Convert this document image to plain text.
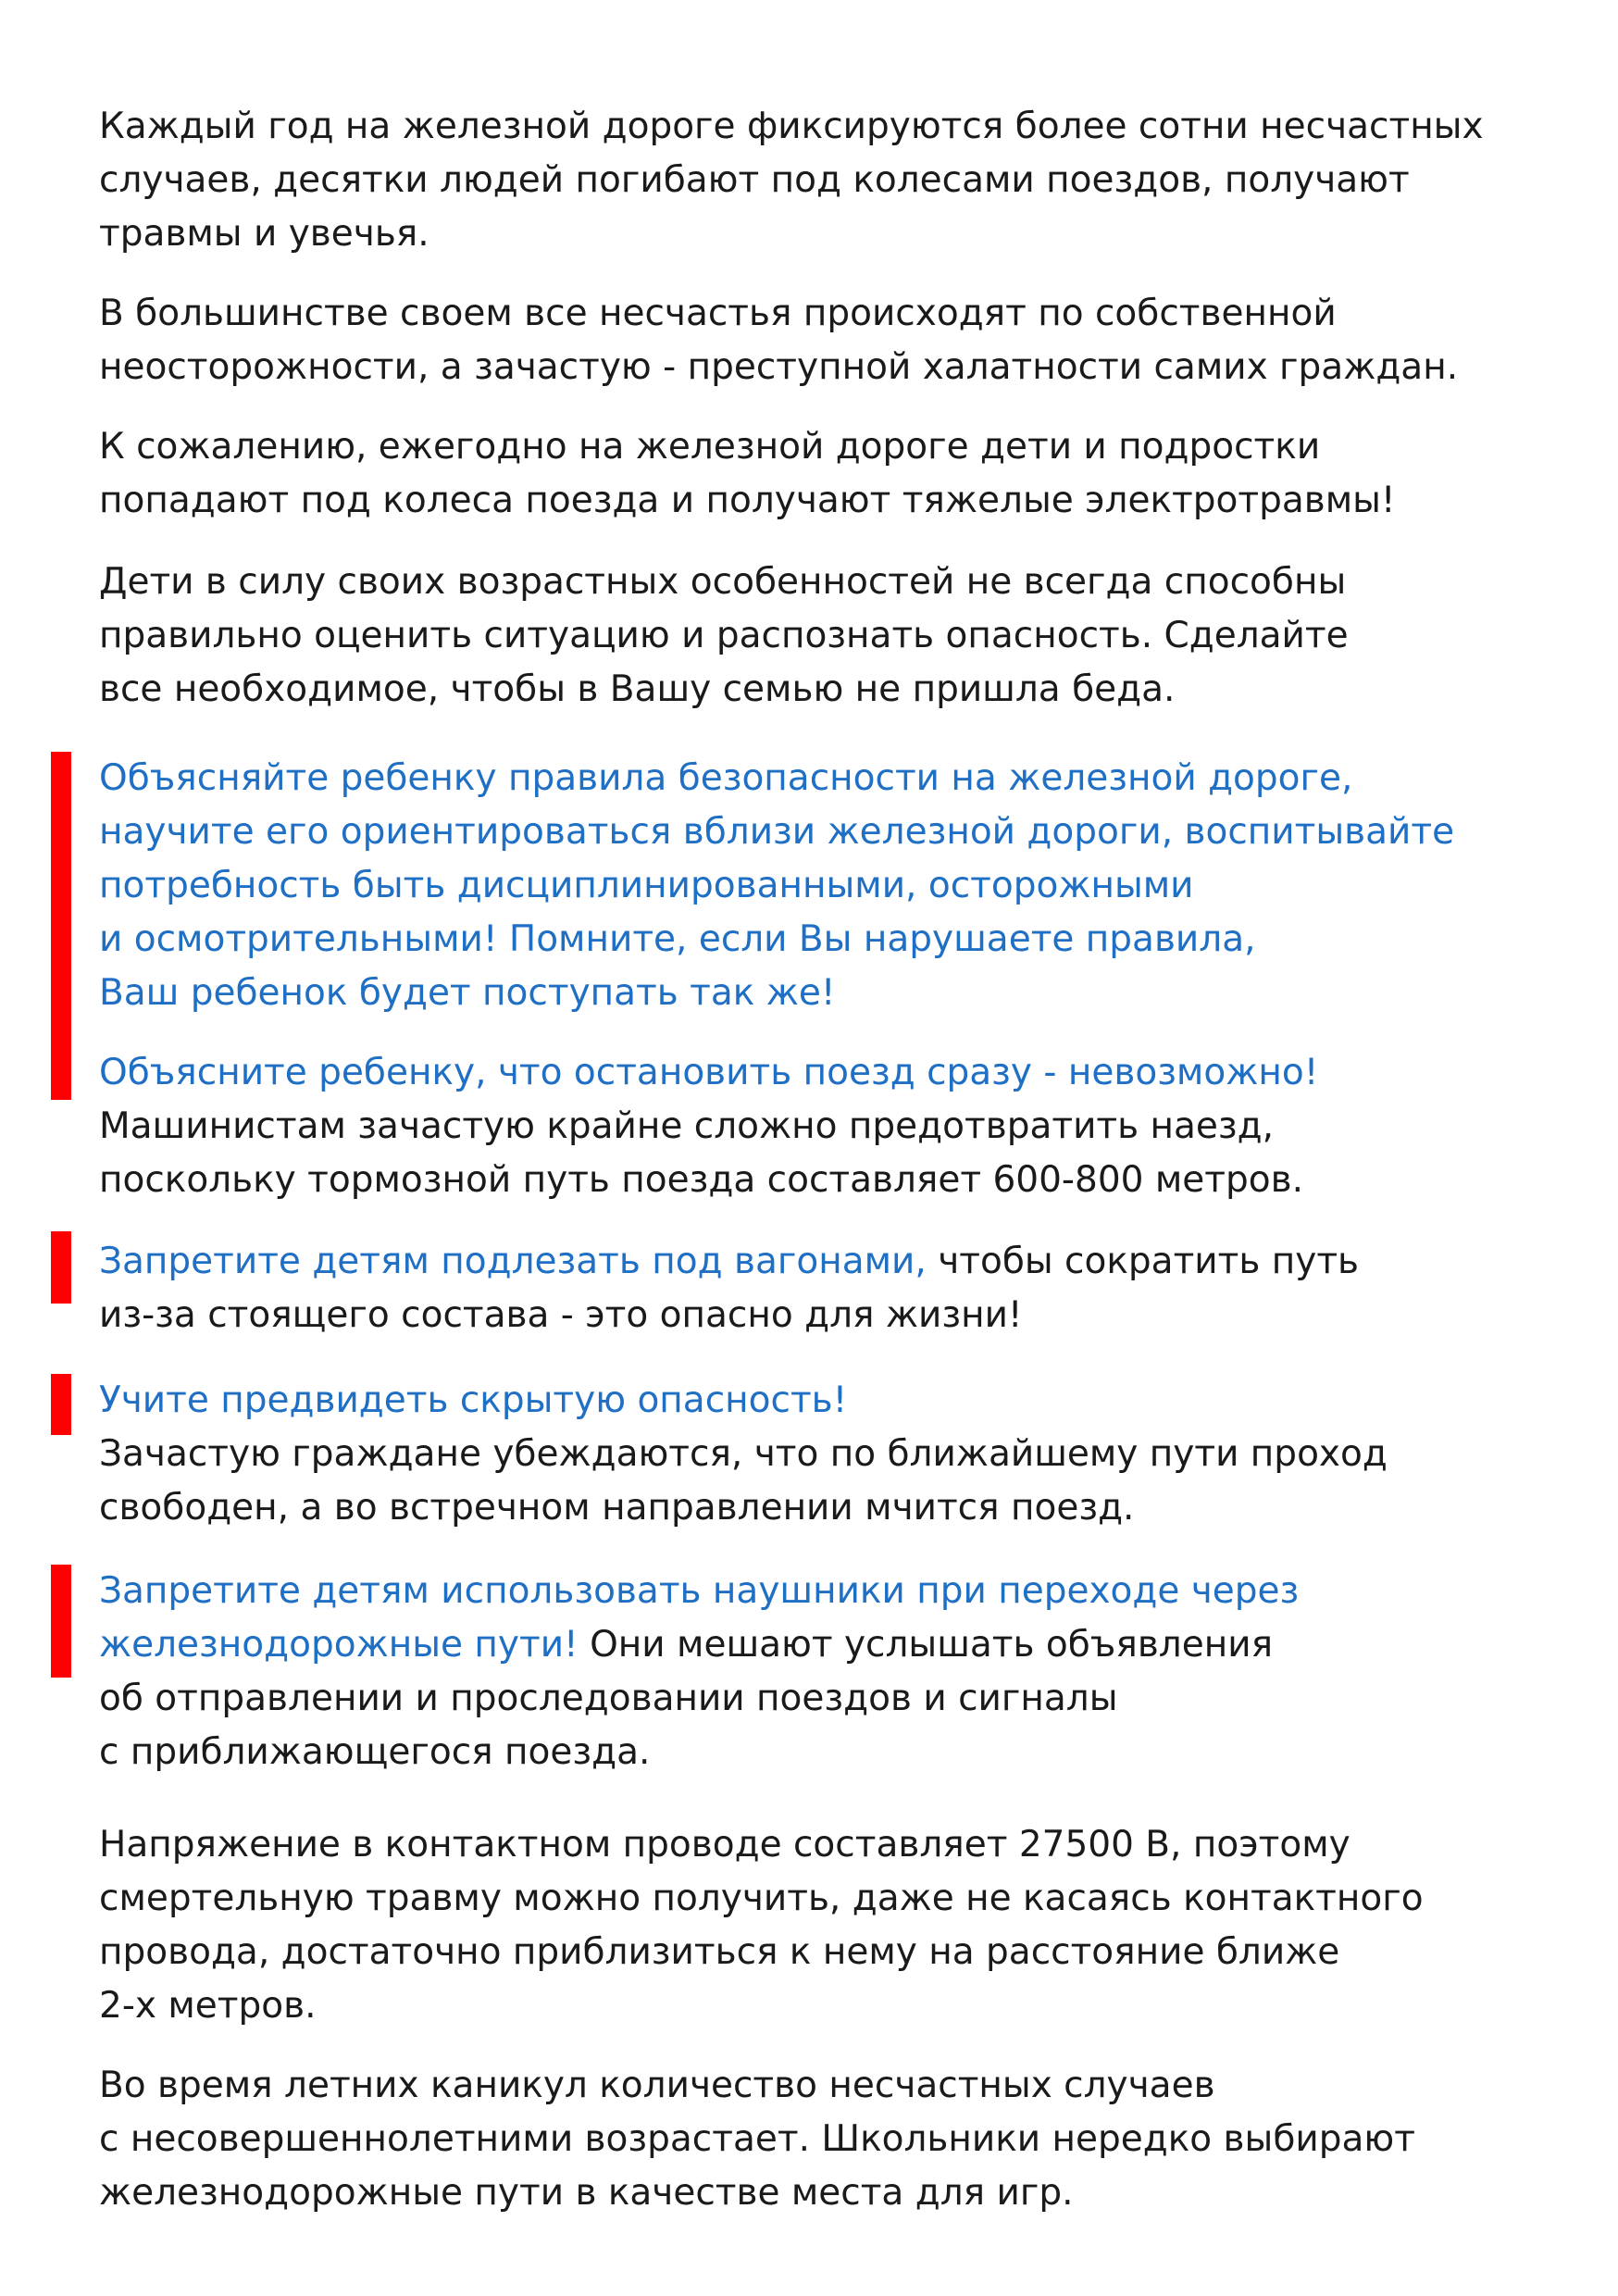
Каждый год на железной дороге фиксируются более сотни несчастных
случаев, десятки людей погибают под колесами поездов, получают
травмы и увечья.

В большинстве своем все несчастья происходят по собственной
неосторожности, а зачастую - преступной халатности самих граждан.

К сожалению, ежегодно на железной дороге дети и подростки
попадают под колеса поезда и получают тяжелые электротравмы!

Дети в силу своих возрастных особенностей не всегда способны
правильно оценить ситуацию и распознать опасность. Сделайте
все необходимое, чтобы в Вашу семью не пришла беда.

Объясняйте ребенку правила безопасности на железной дороге,
научите его ориентироваться вблизи железной дороги, воспитывайте
потребность быть дисциплинированными, осторожными
и осмотрительными! Помните, если Вы нарушаете правила,
Ваш ребенок будет поступать так же!

Объясните ребенку, что остановить поезд сразу - невозможно!
Машинистам зачастую крайне сложно предотвратить наезд,
поскольку тормозной путь поезда составляет 600-800 метров.

Запретите детям подлезать под вагонами, чтобы сократить путь
из-за стоящего состава - это опасно для жизни!

Учите предвидеть скрытую опасность!
Зачастую граждане убеждаются, что по ближайшему пути проход
свободен, а во встречном направлении мчится поезд.

Запретите детям использовать наушники при переходе через
железнодорожные пути! Они мешают услышать объявления
об отправлении и проследовании поездов и сигналы
с приближающегося поезда.

Напряжение в контактном проводе составляет 27500 В, поэтому
смертельную травму можно получить, даже не касаясь контактного
провода, достаточно приблизиться к нему на расстояние ближе
2-х метров.

Во время летних каникул количество несчастных случаев
с несовершеннолетними возрастает. Школьники нередко выбирают
железнодорожные пути в качестве места для игр.
